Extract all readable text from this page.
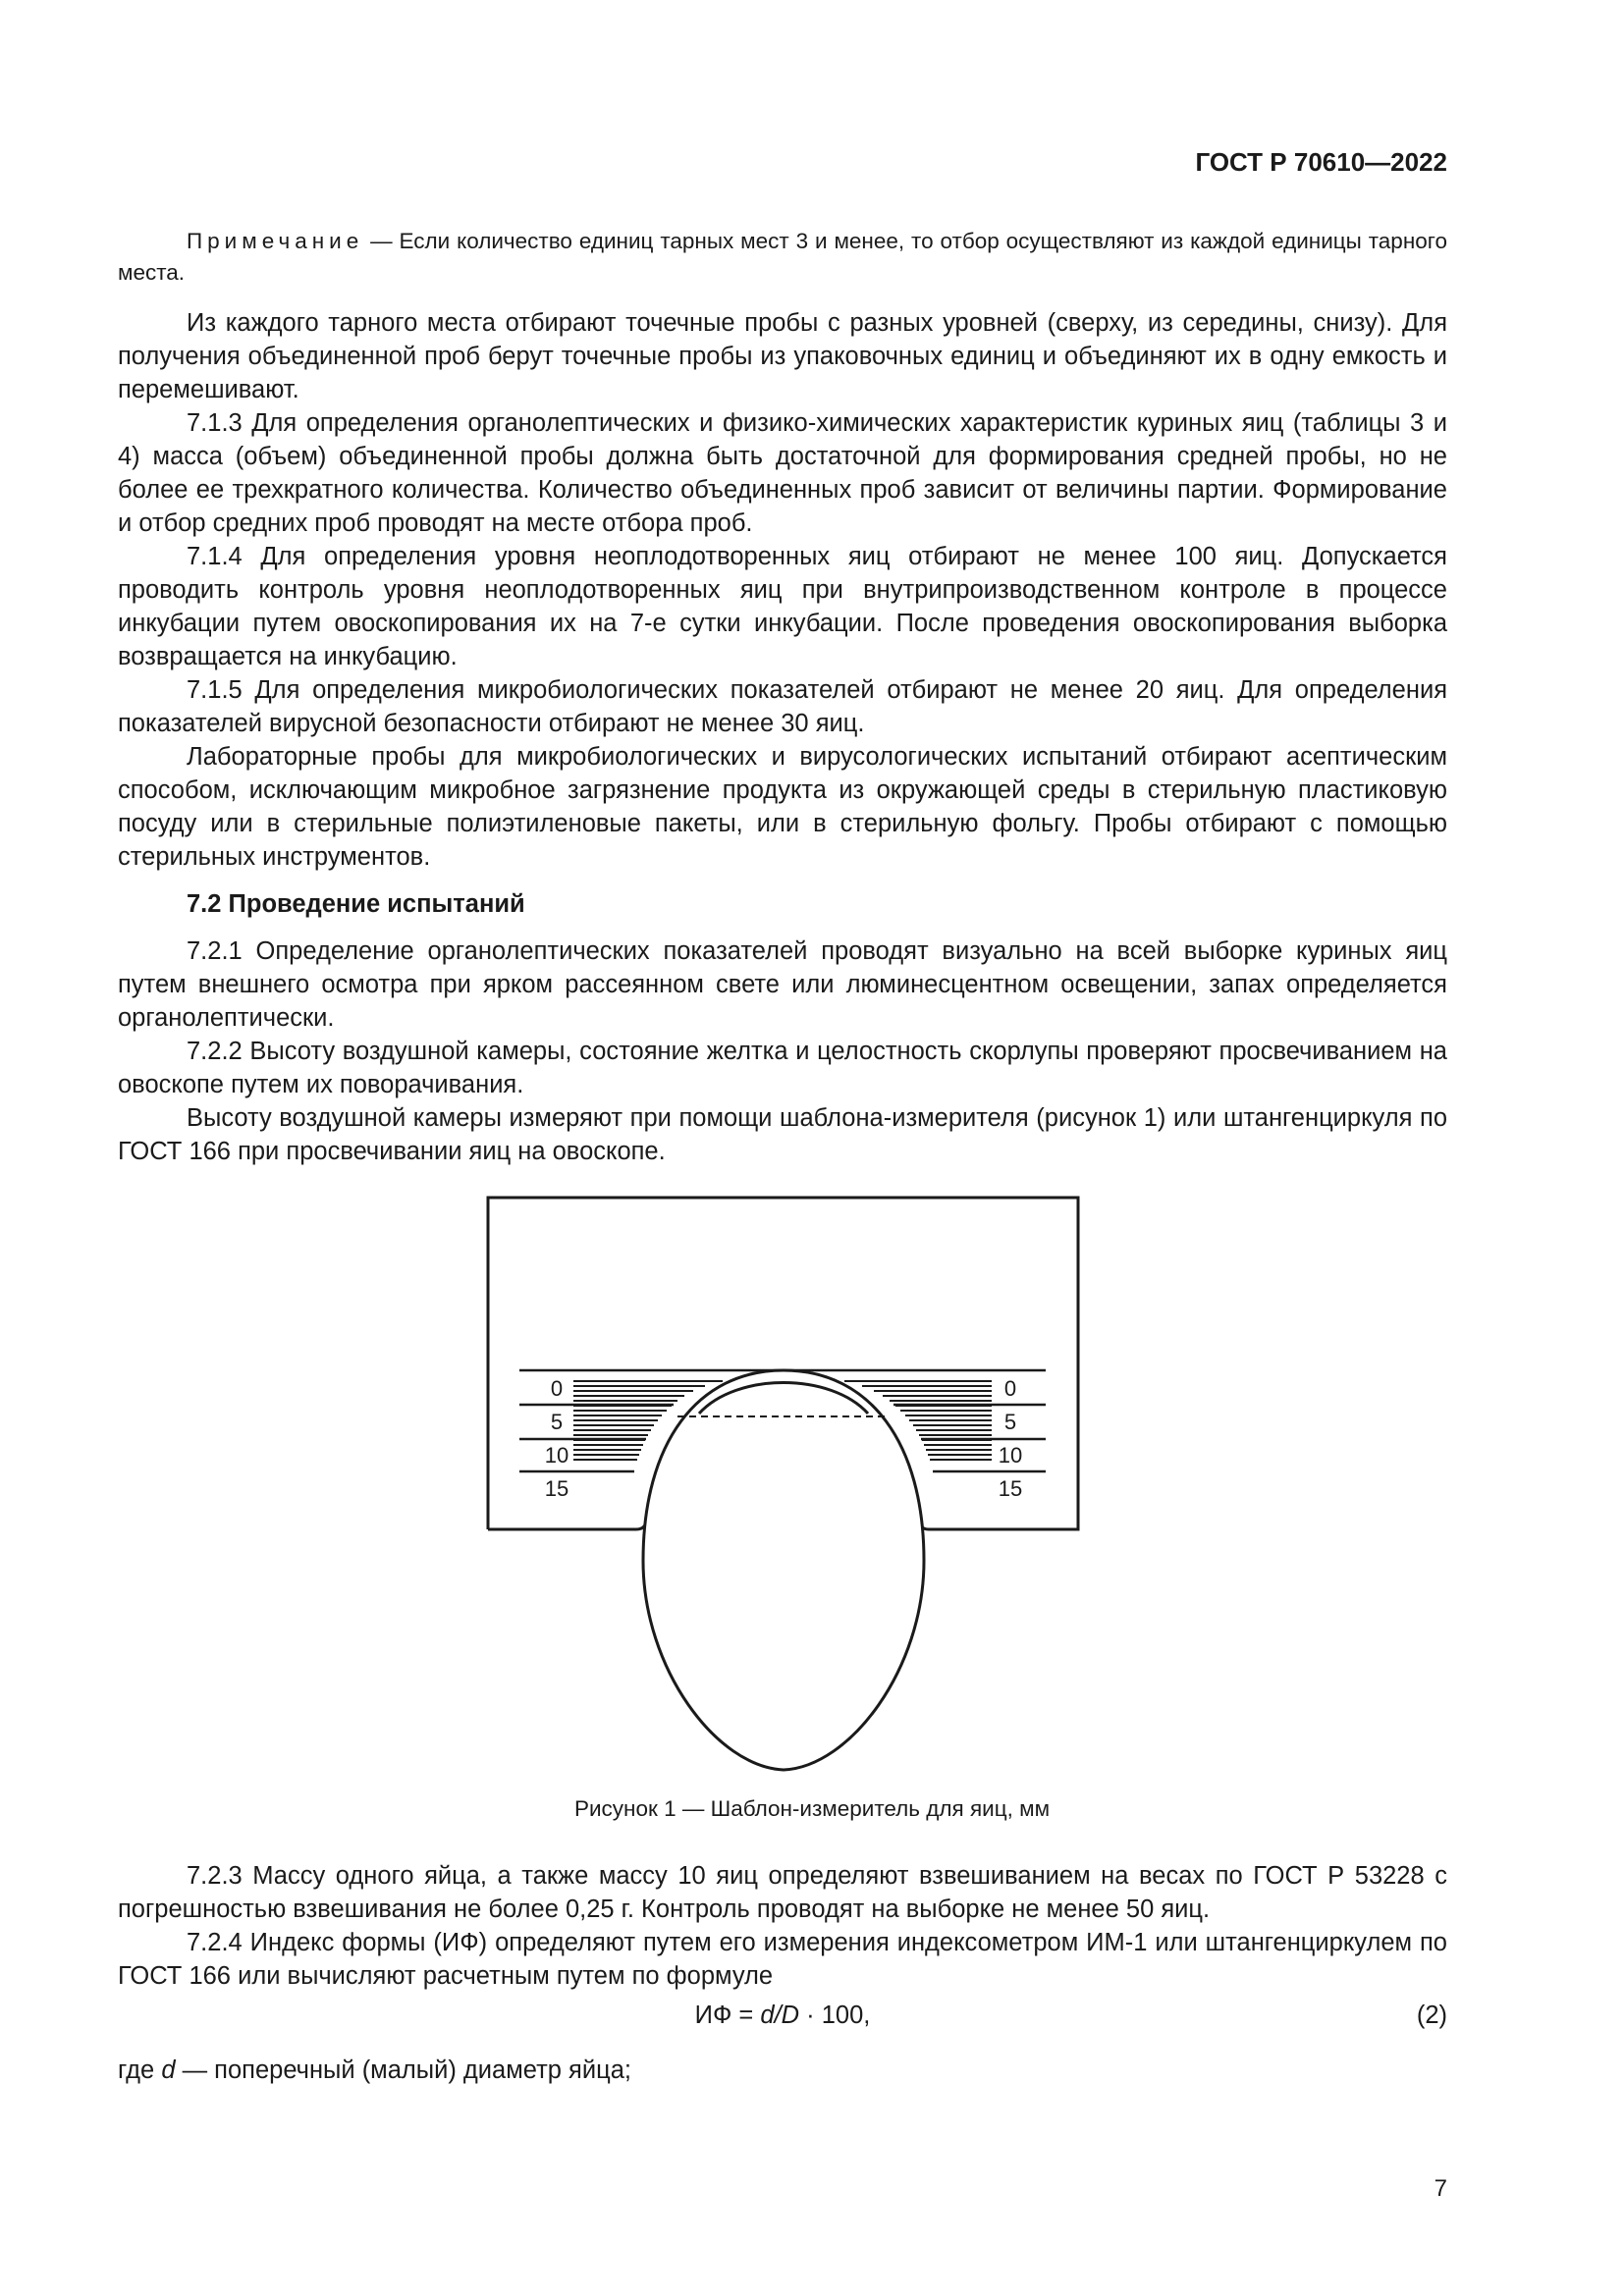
ГОСТ Р 70610—2022

Примечание — Если количество единиц тарных мест 3 и менее, то отбор осуществляют из каждой единицы тарного места.

Из каждого тарного места отбирают точечные пробы с разных уровней (сверху, из середины, снизу). Для получения объединенной проб берут точечные пробы из упаковочных единиц и объединяют их в одну емкость и перемешивают.

7.1.3 Для определения органолептических и физико-химических характеристик куриных яиц (таблицы 3 и 4) масса (объем) объединенной пробы должна быть достаточной для формирования средней пробы, но не более ее трехкратного количества. Количество объединенных проб зависит от величины партии. Формирование и отбор средних проб проводят на месте отбора проб.

7.1.4 Для определения уровня неоплодотворенных яиц отбирают не менее 100 яиц. Допускается проводить контроль уровня неоплодотворенных яиц при внутрипроизводственном контроле в процессе инкубации путем овоскопирования их на 7-е сутки инкубации. После проведения овоскопирования выборка возвращается на инкубацию.

7.1.5 Для определения микробиологических показателей отбирают не менее 20 яиц. Для определения показателей вирусной безопасности отбирают не менее 30 яиц.

Лабораторные пробы для микробиологических и вирусологических испытаний отбирают асептическим способом, исключающим микробное загрязнение продукта из окружающей среды в стерильную пластиковую посуду или в стерильные полиэтиленовые пакеты, или в стерильную фольгу. Пробы отбирают с помощью стерильных инструментов.

7.2 Проведение испытаний

7.2.1 Определение органолептических показателей проводят визуально на всей выборке куриных яиц путем внешнего осмотра при ярком рассеянном свете или люминесцентном освещении, запах определяется органолептически.

7.2.2 Высоту воздушной камеры, состояние желтка и целостность скорлупы проверяют просвечиванием на овоскопе путем их поворачивания.

Высоту воздушной камеры измеряют при помощи шаблона-измерителя (рисунок 1) или штангенциркуля по ГОСТ 166 при просвечивании яиц на овоскопе.

0
5
10
15
0
5
10
15
Рисунок 1 — Шаблон-измеритель для яиц, мм

7.2.3 Массу одного яйца, а также массу 10 яиц определяют взвешиванием на весах по ГОСТ Р 53228 с погрешностью взвешивания не более 0,25 г. Контроль проводят на выборке не менее 50 яиц.

7.2.4 Индекс формы (ИФ) определяют путем его измерения индексометром ИМ-1 или штангенциркулем по ГОСТ 166 или вычисляют расчетным путем по формуле

ИФ = d/D · 100,	(2)

где d — поперечный (малый) диаметр яйца;

7
